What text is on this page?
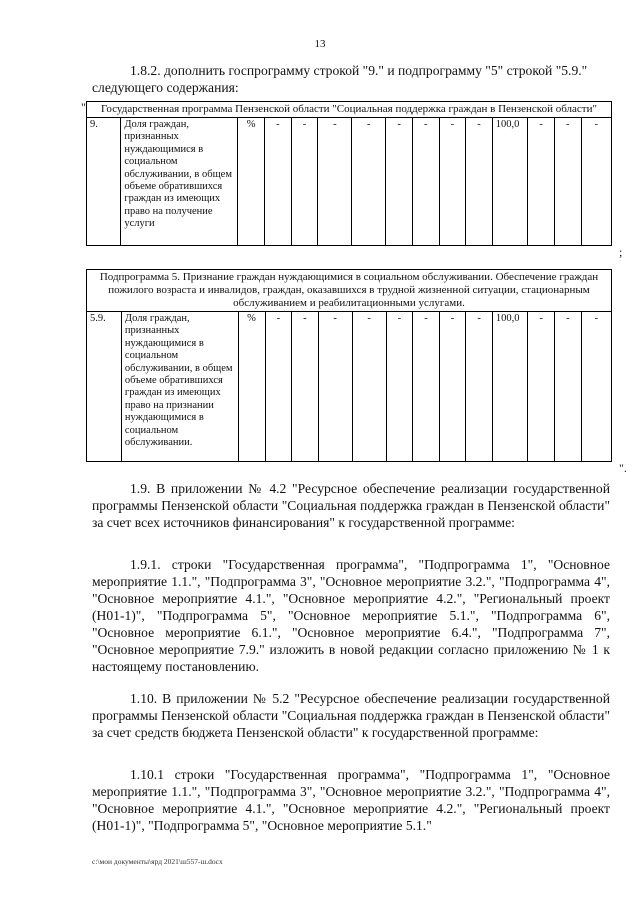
13

1.8.2. дополнить госпрограмму строкой "9." и подпрограмму "5" строкой "5.9."

следующего содержания:

" Государственная программа Пензенской области "Социальная поддержка граждан в Пензенской области"
9.	Доля граждан, признанных нуждающимися в социальном обслуживании, в общем объеме обратившихся граждан из имеющих право на получение услуги	%	-	-	-	-	-	-	-	-	100,0	-	-	-
;
Подпрограмма 5. Признание граждан нуждающимися в социальном обслуживании. Обеспечение граждан пожилого возраста и инвалидов, граждан, оказавшихся в трудной жизненной ситуации, стационарным обслуживанием и реабилитационными услугами.
5.9.	Доля граждан, признанных нуждающимися в социальном обслуживании, в общем объеме обратившихся граждан из имеющих право на признании нуждающимися в социальном обслуживании.	%	-	-	-	-	-	-	-	-	100,0	-	-	-
".

1.9. В приложении № 4.2 "Ресурсное обеспечение реализации государственной программы Пензенской области "Социальная поддержка граждан в Пензенской области" за счет всех источников финансирования" к государственной программе:

1.9.1. строки "Государственная программа", "Подпрограмма 1", "Основное мероприятие 1.1.", "Подпрограмма 3", "Основное мероприятие 3.2.", "Подпрограмма 4", "Основное мероприятие 4.1.", "Основное мероприятие 4.2.", "Региональный проект (Н01-1)", "Подпрограмма 5", "Основное мероприятие 5.1.", "Подпрограмма 6", "Основное мероприятие 6.1.", "Основное мероприятие 6.4.", "Подпрограмма 7", "Основное мероприятие 7.9." изложить в новой редакции согласно приложению № 1 к настоящему постановлению.

1.10. В приложении № 5.2 "Ресурсное обеспечение реализации государственной программы Пензенской области "Социальная поддержка граждан в Пензенской области" за счет средств бюджета Пензенской области" к государственной программе:

1.10.1 строки "Государственная программа", "Подпрограмма 1", "Основное мероприятие 1.1.", "Подпрограмма 3", "Основное мероприятие 3.2.", "Подпрограмма 4", "Основное мероприятие 4.1.", "Основное мероприятие 4.2.", "Региональный проект (Н01-1)", "Подпрограмма 5", "Основное мероприятие 5.1."

c:\мои документы\ярд 2021\ш557-ш.docx
